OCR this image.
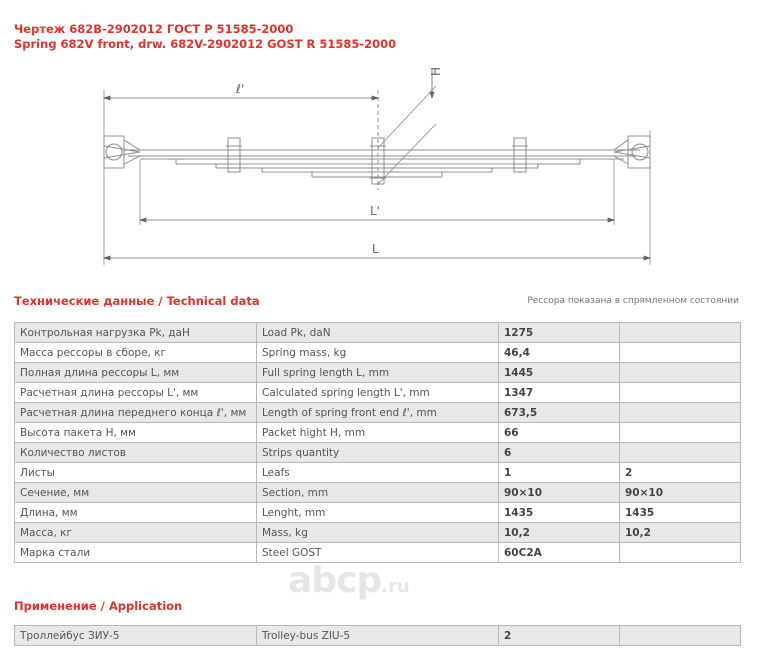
Чертеж 682В-2902012 ГОСТ Р 51585-2000
Spring 682V front, drw. 682V-2902012 GOST R 51585-2000
ℓ'
H
L'
L
Технические данные / Technical data	Рессора показана в спрямленном состоянии
Контрольная нагрузка Pk, даН	Load Pk, daN	1275	
Масса рессоры в сборе, кг	Spring mass, kg	46,4	
Полная длина рессоры L, мм	Full spring length L, mm	1445	
Расчетная длина рессоры L', мм	Calculated spring length L', mm	1347	
Расчетная длина переднего конца ℓ', мм	Length of spring front end ℓ', mm	673,5	
Высота пакета H, мм	Packet hight H, mm	66	
Количество листов	Strips quantity	6	
Листы	Leafs	1	2
Сечение, мм	Section, mm	90×10	90×10
Длина, мм	Lenght, mm	1435	1435
Масса, кг	Mass, kg	10,2	10,2
Марка стали	Steel GOST	60С2А	
Применение / Application
Троллейбус ЗИУ-5	Trolley-bus ZIU-5	2	
abcp.ru
